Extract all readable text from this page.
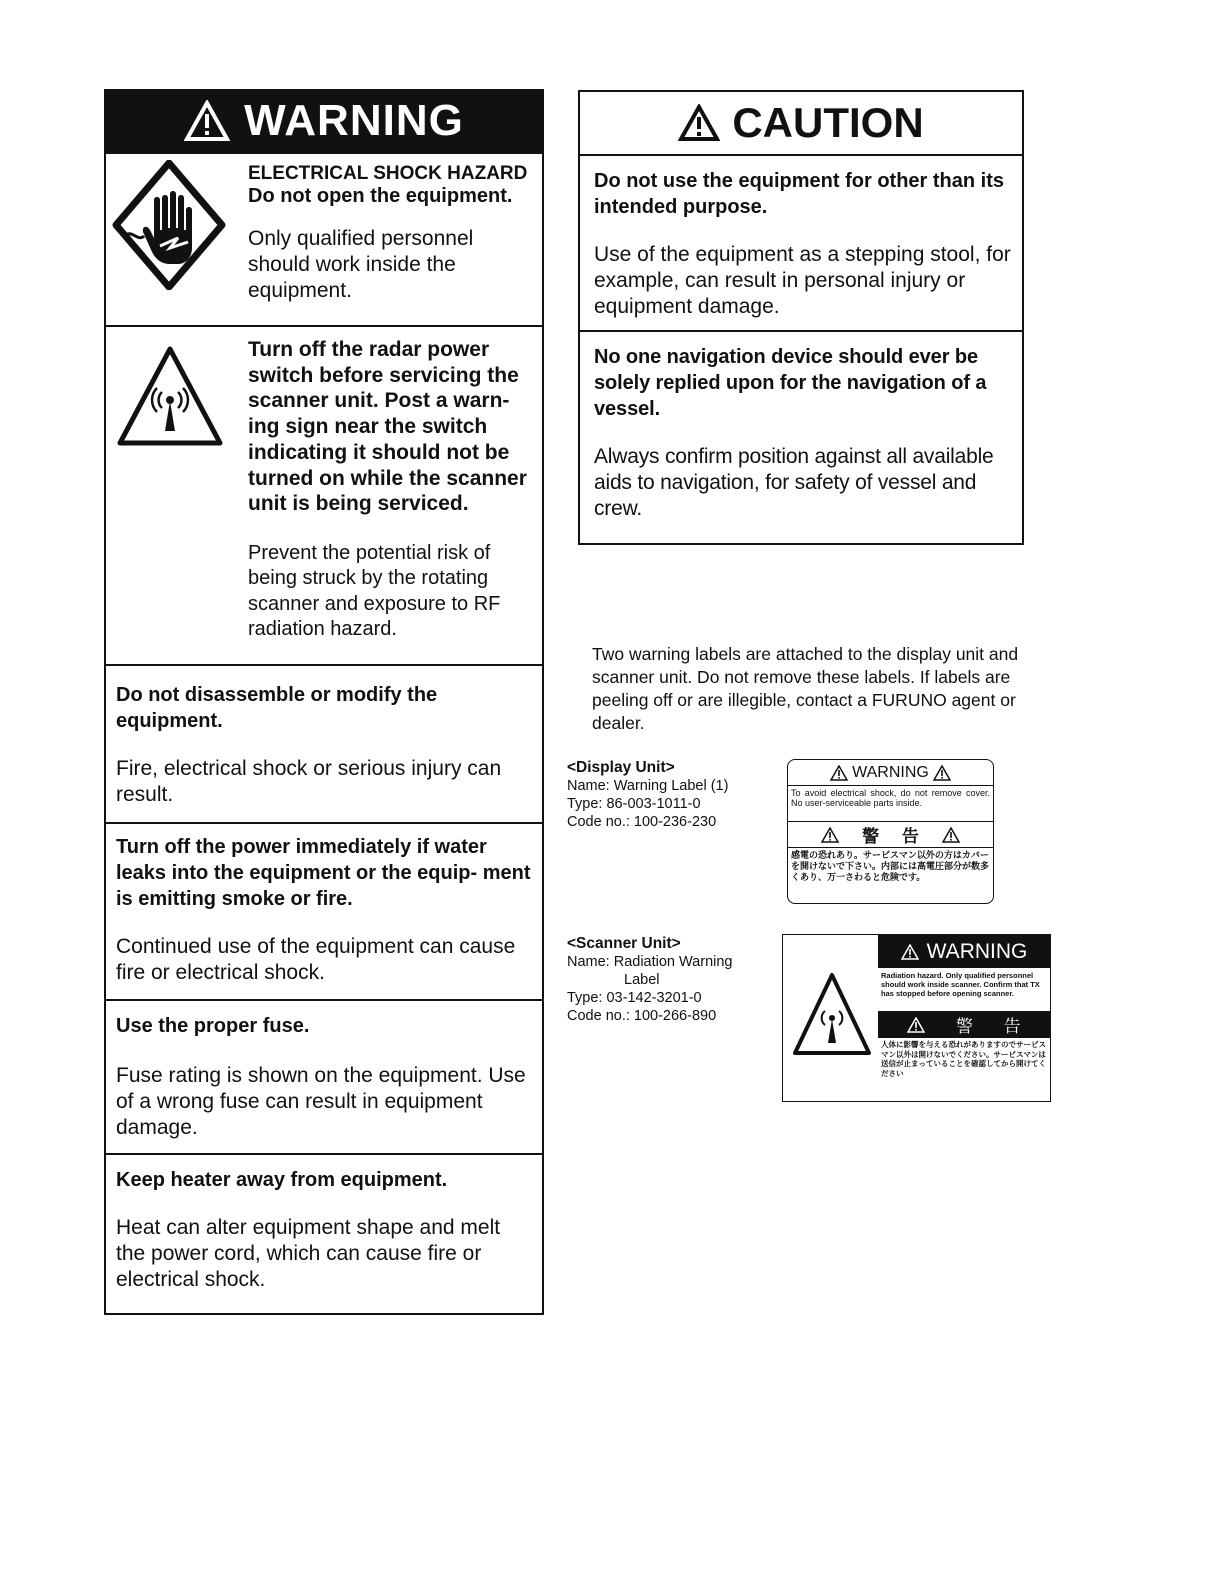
WARNING
ELECTRICAL SHOCK HAZARD
Do not open the equipment.

Only qualified personnel should work inside the equipment.

Turn off the radar power switch before servicing the scanner unit. Post a warn- ing sign near the switch indicating it should not be turned on while the scanner unit is being serviced.

Prevent the potential risk of being struck by the rotating scanner and exposure to RF radiation hazard.

Do not disassemble or modify the equipment.

Fire, electrical shock or serious injury can result.

Turn off the power immediately if water leaks into the equipment or the equip- ment is emitting smoke or fire.

Continued use of the equipment can cause fire or electrical shock.

Use the proper fuse.

Fuse rating is shown on the equipment. Use of a wrong fuse can result in equipment damage.

Keep heater away from equipment.

Heat can alter equipment shape and melt the power cord, which can cause fire or electrical shock.

CAUTION

Do not use the equipment for other than its intended purpose.

Use of the equipment as a stepping stool, for example, can result in personal injury or equipment damage.

No one navigation device should ever be solely replied upon for the navigation of a vessel.

Always confirm position against all available aids to navigation, for safety of vessel and crew.

Two warning labels are attached to the display unit and scanner unit. Do not remove these labels. If labels are peeling off or are illegible, contact a FURUNO agent or dealer.

<Display Unit>
Name: Warning Label (1)
Type: 86-003-1011-0
Code no.: 100-236-230
WARNING
To avoid electrical shock, do not remove cover. No user-serviceable parts inside.
警 告
感電の恐れあり。サービスマン以外の方はカバーを開けないで下さい。内部には高電圧部分が数多くあり、万一さわると危険です。
<Scanner Unit>
Name: Radiation Warning
Label
Type: 03-142-3201-0
Code no.: 100-266-890
WARNING
Radiation hazard. Only qualified personnel should work inside scanner. Confirm that TX has stopped before opening scanner.
警 告
人体に影響を与える恐れがありますのでサービスマン以外は開けないでください。サービスマンは送信が止まっていることを確認してから開けてください
